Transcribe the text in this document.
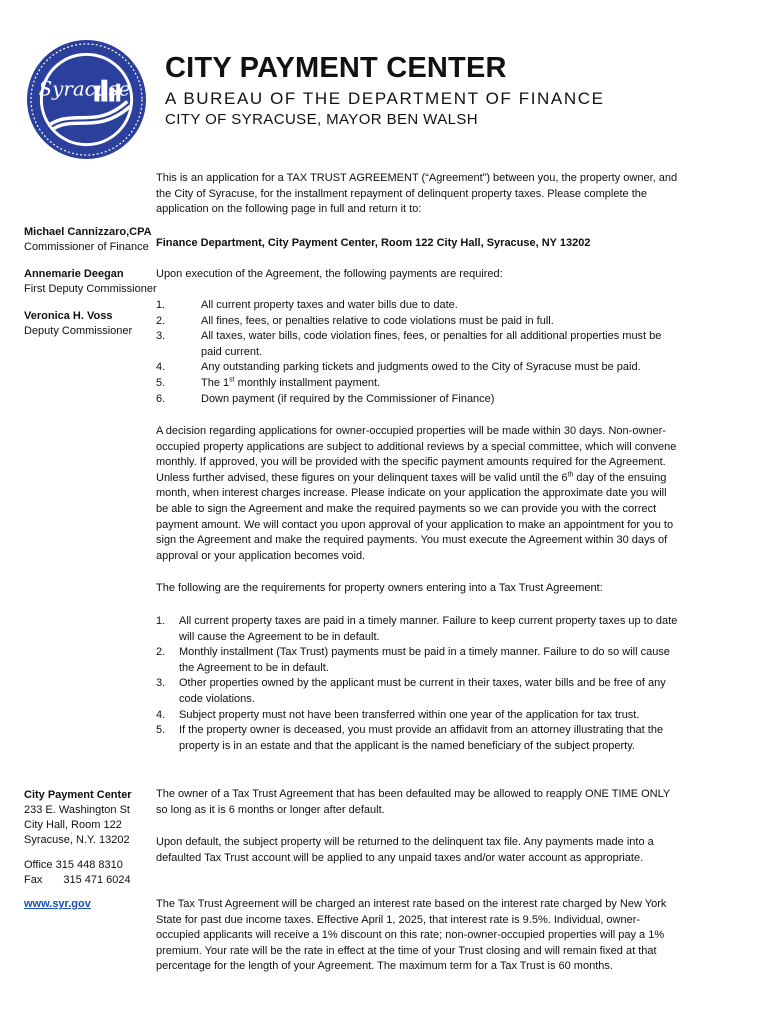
Syracuse
CITY PAYMENT CENTER
A BUREAU OF THE DEPARTMENT OF FINANCE
CITY OF SYRACUSE, MAYOR BEN WALSH
Michael Cannizzaro,CPA
Commissioner of Finance
Annemarie Deegan
First Deputy Commissioner
Veronica H. Voss
Deputy Commissioner
City Payment Center
233 E. Washington St
City Hall, Room 122
Syracuse, N.Y. 13202
Office 315 448 8310
Fax 315 471 6024
www.syr.gov

This is an application for a TAX TRUST AGREEMENT (“Agreement”) between you, the property owner, and the City of Syracuse, for the installment repayment of delinquent property taxes. Please complete the application on the following page in full and return it to:

Finance Department, City Payment Center, Room 122 City Hall, Syracuse, NY 13202
Upon execution of the Agreement, the following payments are required:
1.	All current property taxes and water bills due to date.
2.	All fines, fees, or penalties relative to code violations must be paid in full.
3.	All taxes, water bills, code violation fines, fees, or penalties for all additional properties must be paid current.
4.	Any outstanding parking tickets and judgments owed to the City of Syracuse must be paid.
5.	The 1st monthly installment payment.
6.	Down payment (if required by the Commissioner of Finance)

A decision regarding applications for owner-occupied properties will be made within 30 days. Non-owner-occupied property applications are subject to additional reviews by a special committee, which will convene monthly. If approved, you will be provided with the specific payment amounts required for the Agreement. Unless further advised, these figures on your delinquent taxes will be valid until the 6th day of the ensuing month, when interest charges increase. Please indicate on your application the approximate date you will be able to sign the Agreement and make the required payments so we can provide you with the correct payment amount. We will contact you upon approval of your application to make an appointment for you to sign the Agreement and make the required payments. You must execute the Agreement within 30 days of approval or your application becomes void.

The following are the requirements for property owners entering into a Tax Trust Agreement:
1.	All current property taxes are paid in a timely manner. Failure to keep current property taxes up to date will cause the Agreement to be in default.
2.	Monthly installment (Tax Trust) payments must be paid in a timely manner. Failure to do so will cause the Agreement to be in default.
3.	Other properties owned by the applicant must be current in their taxes, water bills and be free of any code violations.
4.	Subject property must not have been transferred within one year of the application for tax trust.
5.	If the property owner is deceased, you must provide an affidavit from an attorney illustrating that the property is in an estate and that the applicant is the named beneficiary of the subject property.
The owner of a Tax Trust Agreement that has been defaulted may be allowed to reapply ONE TIME ONLY so long as it is 6 months or longer after default.
Upon default, the subject property will be returned to the delinquent tax file. Any payments made into a defaulted Tax Trust account will be applied to any unpaid taxes and/or water account as appropriate.
The Tax Trust Agreement will be charged an interest rate based on the interest rate charged by New York State for past due income taxes. Effective April 1, 2025, that interest rate is 9.5%. Individual, owner-occupied applicants will receive a 1% discount on this rate; non-owner-occupied properties will pay a 1% premium. Your rate will be the rate in effect at the time of your Trust closing and will remain fixed at that percentage for the length of your Agreement. The maximum term for a Tax Trust is 60 months.
